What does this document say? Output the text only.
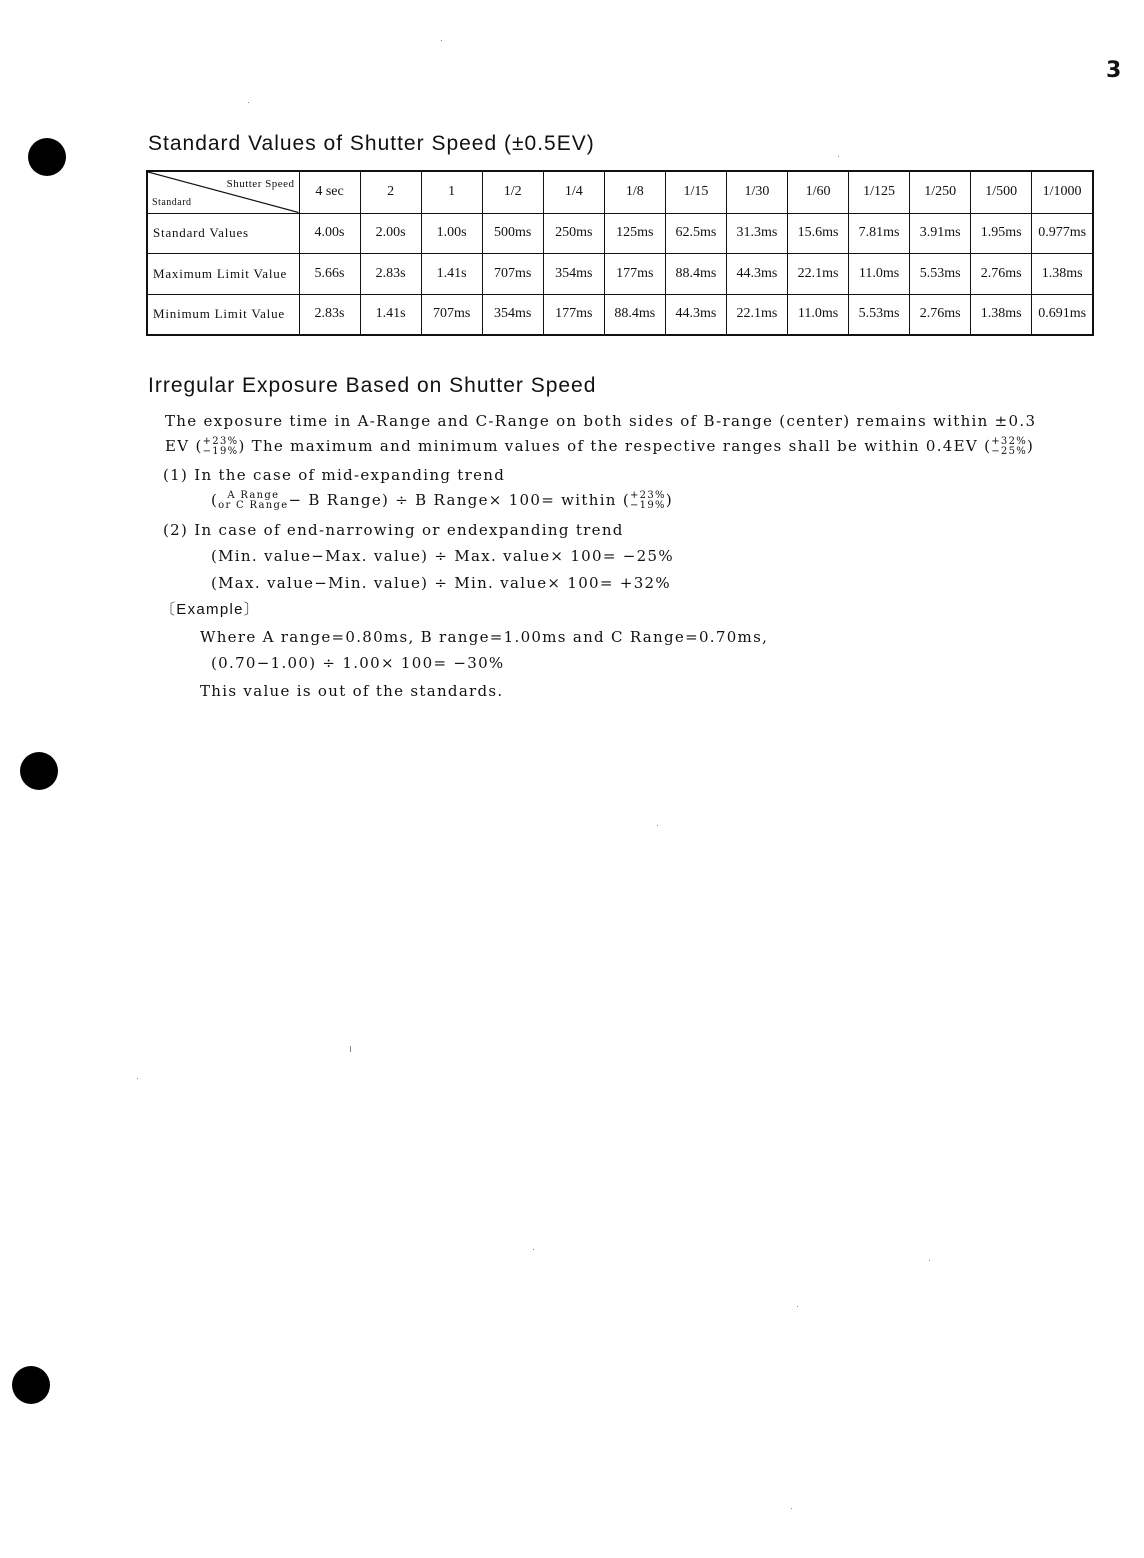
3
Standard Values of Shutter Speed (±0.5EV)
Shutter Speed
Standard	4 sec	2	1	1/2	1/4	1/8	1/15	1/30	1/60	1/125	1/250	1/500	1/1000
Standard Values	4.00s	2.00s	1.00s	500ms	250ms	125ms	62.5ms	31.3ms	15.6ms	7.81ms	3.91ms	1.95ms	0.977ms
Maximum Limit Value	5.66s	2.83s	1.41s	707ms	354ms	177ms	88.4ms	44.3ms	22.1ms	11.0ms	5.53ms	2.76ms	1.38ms
Minimum Limit Value	2.83s	1.41s	707ms	354ms	177ms	88.4ms	44.3ms	22.1ms	11.0ms	5.53ms	2.76ms	1.38ms	0.691ms
Irregular Exposure Based on Shutter Speed

The exposure time in A-Range and C-Range on both sides of B-range (center) remains within ±0.3

EV ( +23%
−19% ) The maximum and minimum values of the respective ranges shall be within 0.4EV ( +32%
−25% )

(1) In the case of mid-expanding trend

( A Range
or C Range − B Range) ÷ B Range× 100= within ( +23%
−19% )

(2) In case of end-narrowing or endexpanding trend

(Min. value−Max. value) ÷ Max. value× 100= −25%

(Max. value−Min. value) ÷ Min. value× 100= +32%

〔Example〕

Where A range=0.80ms, B range=1.00ms and C Range=0.70ms,

(0.70−1.00) ÷ 1.00× 100= −30%

This value is out of the standards.
